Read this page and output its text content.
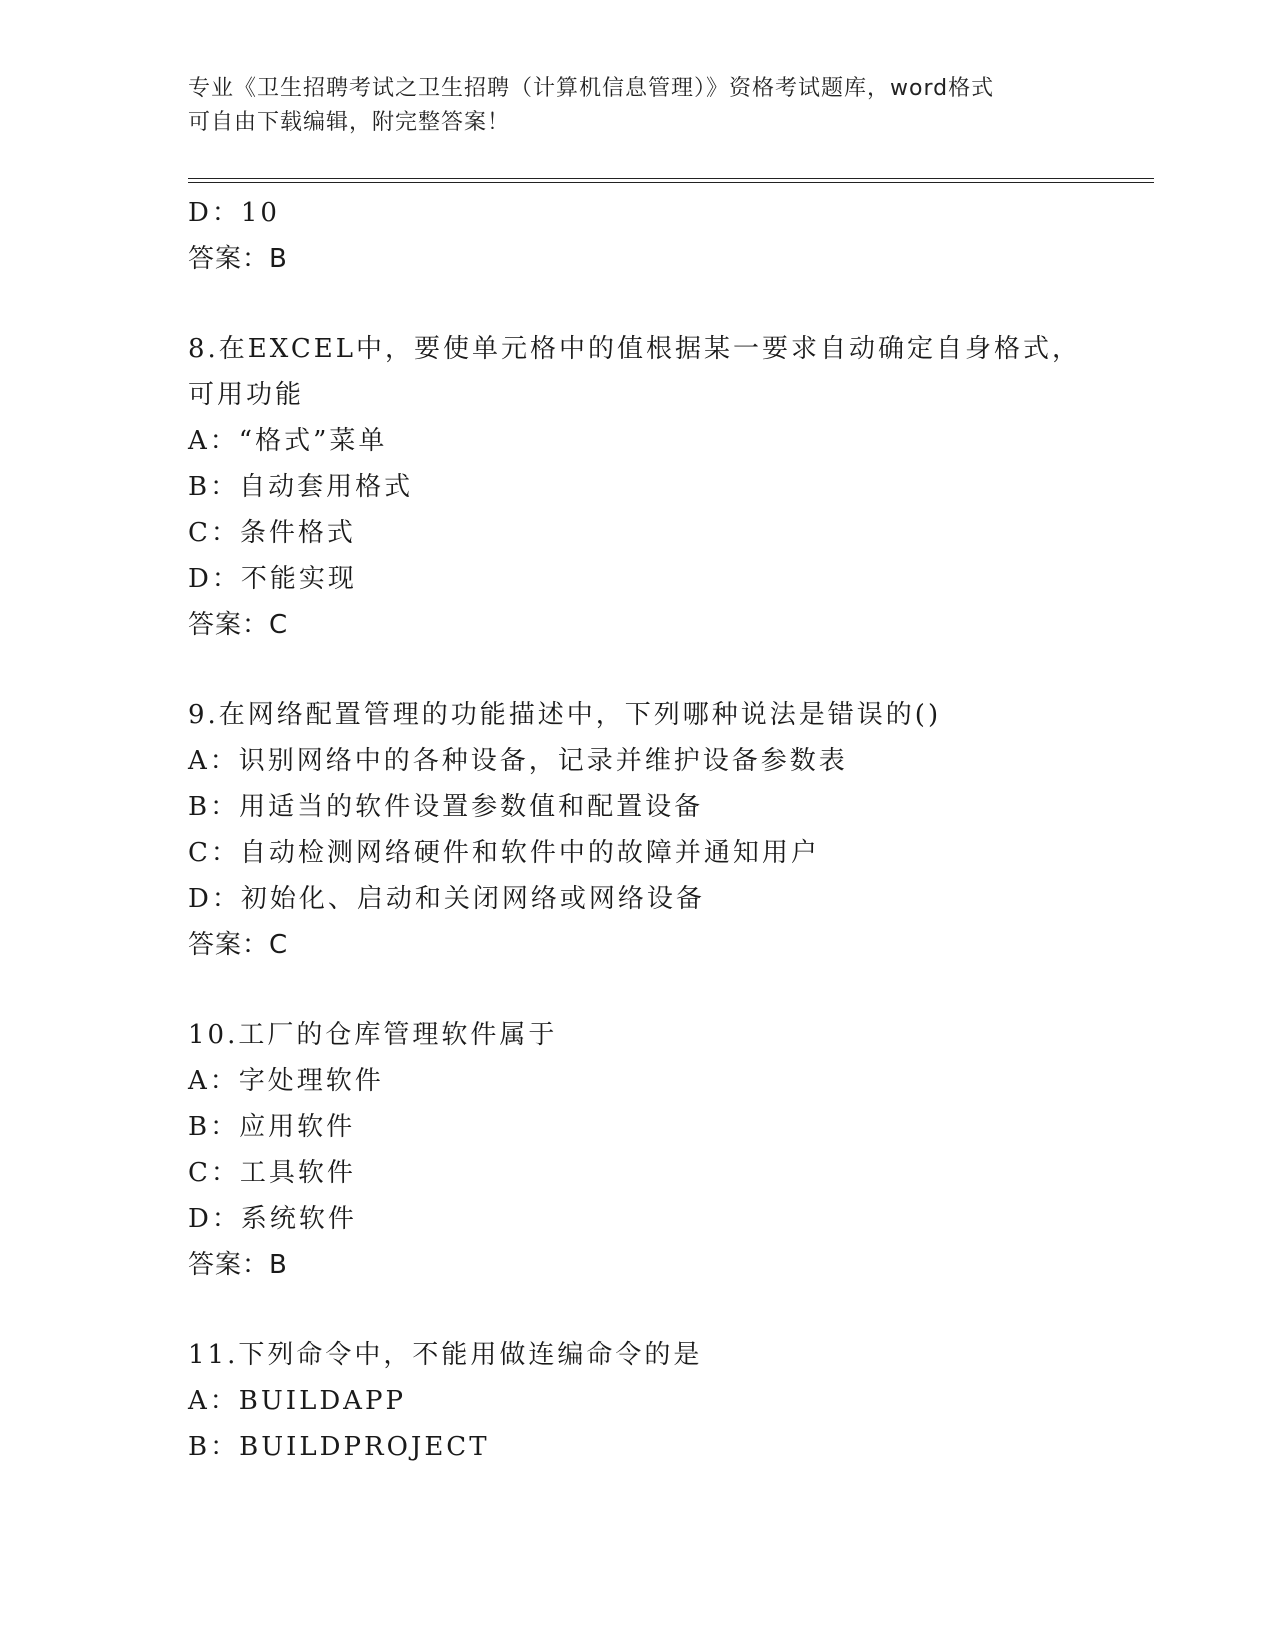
专业《卫生招聘考试之卫生招聘（计算机信息管理）》资格考试题库，word格式
可自由下载编辑，附完整答案！
D：10
答案：B
8.在EXCEL中，要使单元格中的值根据某一要求自动确定自身格式，
可用功能
A：“格式”菜单
B：自动套用格式
C：条件格式
D：不能实现
答案：C
9.在网络配置管理的功能描述中，下列哪种说法是错误的()
A：识别网络中的各种设备，记录并维护设备参数表
B：用适当的软件设置参数值和配置设备
C：自动检测网络硬件和软件中的故障并通知用户
D：初始化、启动和关闭网络或网络设备
答案：C
10.工厂的仓库管理软件属于
A：字处理软件
B：应用软件
C：工具软件
D：系统软件
答案：B
11.下列命令中，不能用做连编命令的是
A：BUILDAPP
B：BUILDPROJECT
